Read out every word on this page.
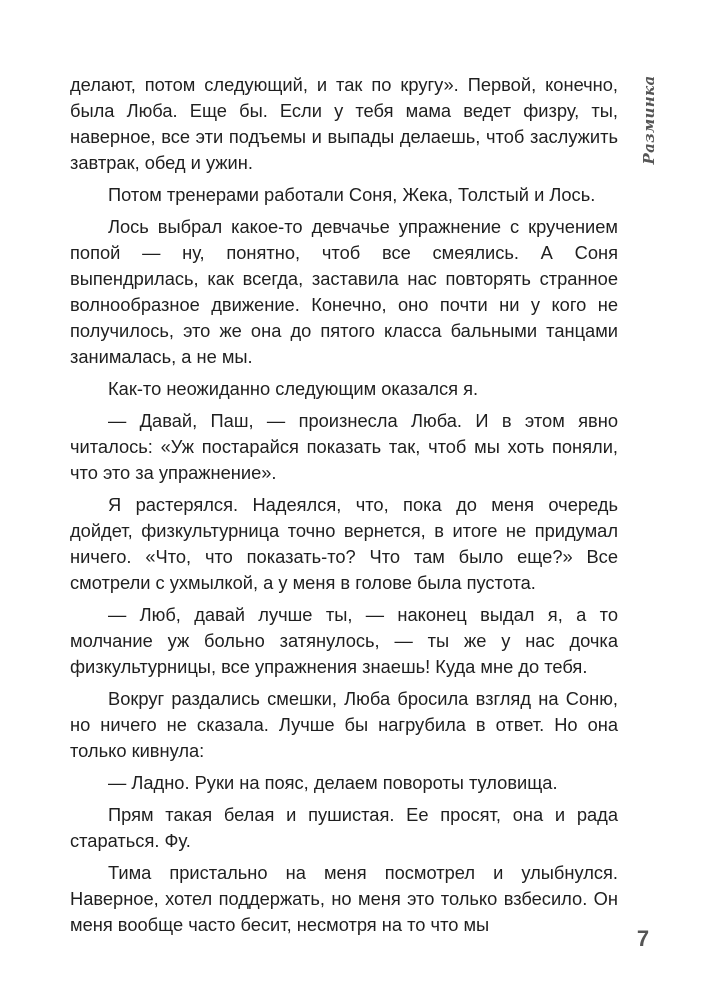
Разминка

делают, потом следующий, и так по кругу». Первой, конечно, была Люба. Еще бы. Если у тебя мама ведет физру, ты, наверное, все эти подъемы и выпады делаешь, чтоб заслужить завтрак, обед и ужин.

Потом тренерами работали Соня, Жека, Толстый и Лось.

Лось выбрал какое-то девчачье упражнение с кручением попой — ну, понятно, чтоб все смеялись. А Соня выпендрилась, как всегда, заставила нас повторять странное волнообразное движение. Конечно, оно почти ни у кого не получилось, это же она до пятого класса бальными танцами занималась, а не мы.

Как-то неожиданно следующим оказался я.

— Давай, Паш, — произнесла Люба. И в этом явно читалось: «Уж постарайся показать так, чтоб мы хоть поняли, что это за упражнение».

Я растерялся. Надеялся, что, пока до меня очередь дойдет, физкультурница точно вернется, в итоге не придумал ничего. «Что, что показать-то? Что там было еще?» Все смотрели с ухмылкой, а у меня в голове была пустота.

— Люб, давай лучше ты, — наконец выдал я, а то молчание уж больно затянулось, — ты же у нас дочка физкультурницы, все упражнения знаешь! Куда мне до тебя.

Вокруг раздались смешки, Люба бросила взгляд на Соню, но ничего не сказала. Лучше бы нагрубила в ответ. Но она только кивнула:

— Ладно. Руки на пояс, делаем повороты туловища.

Прям такая белая и пушистая. Ее просят, она и рада стараться. Фу.

Тима пристально на меня посмотрел и улыбнулся. Наверное, хотел поддержать, но меня это только взбесило. Он меня вообще часто бесит, несмотря на то что мы

7
